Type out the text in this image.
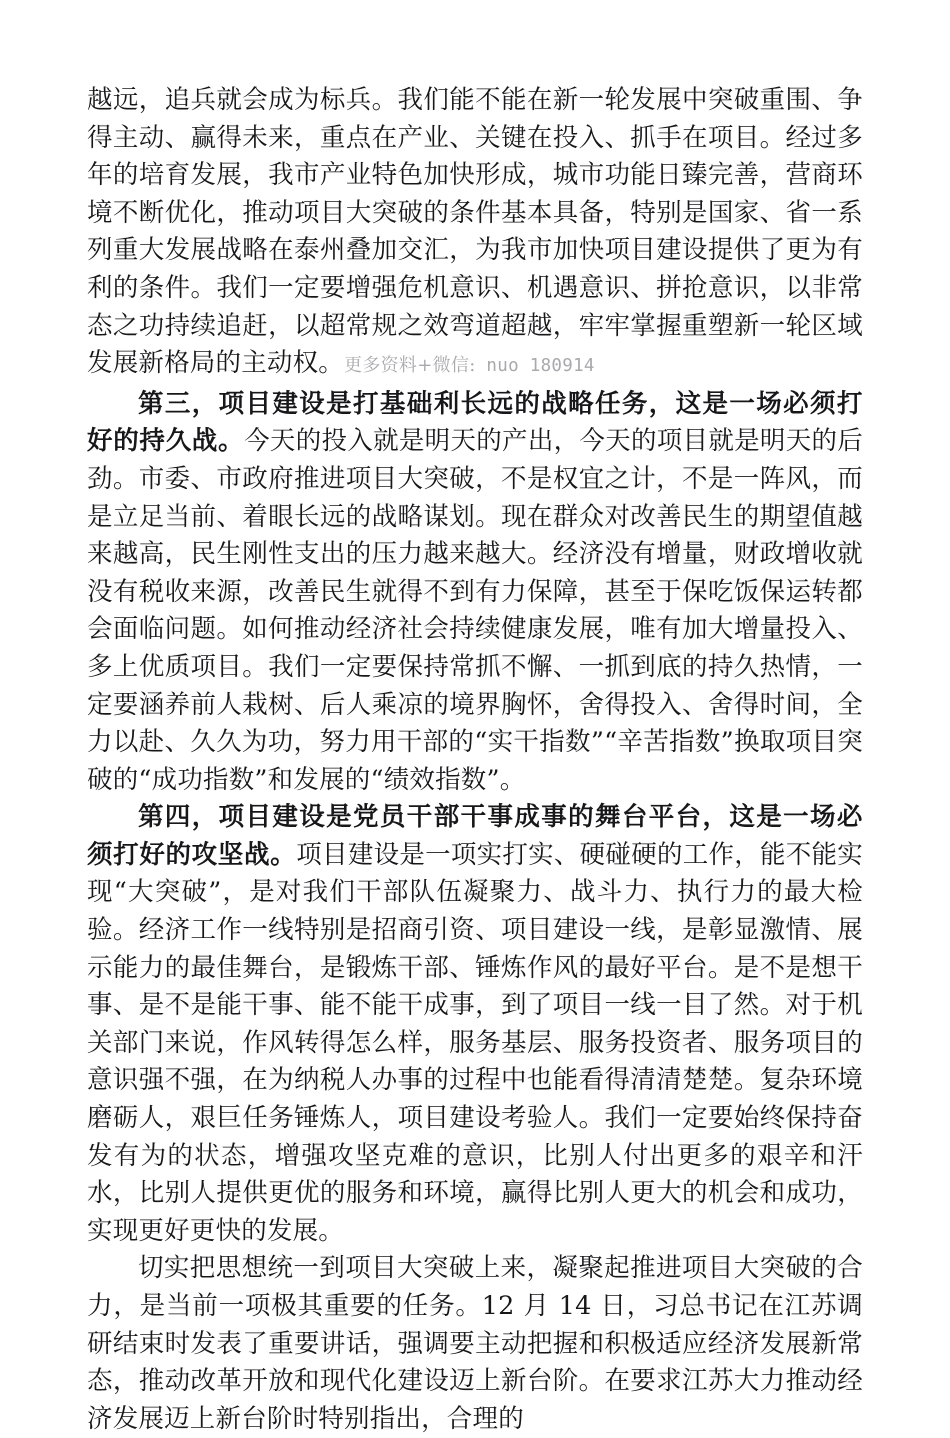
越远，追兵就会成为标兵。我们能不能在新一轮发展中突破重围、争得主动、赢得未来，重点在产业、关键在投入、抓手在项目。经过多年的培育发展，我市产业特色加快形成，城市功能日臻完善，营商环境不断优化，推动项目大突破的条件基本具备，特别是国家、省一系列重大发展战略在泰州叠加交汇，为我市加快项目建设提供了更为有利的条件。我们一定要增强危机意识、机遇意识、拼抢意识，以非常态之功持续追赶，以超常规之效弯道超越，牢牢掌握重塑新一轮区域发展新格局的主动权。更多资料+微信: nuo 180914

第三，项目建设是打基础利长远的战略任务，这是一场必须打好的持久战。今天的投入就是明天的产出，今天的项目就是明天的后劲。市委、市政府推进项目大突破，不是权宜之计，不是一阵风，而是立足当前、着眼长远的战略谋划。现在群众对改善民生的期望值越来越高，民生刚性支出的压力越来越大。经济没有增量，财政增收就没有税收来源，改善民生就得不到有力保障，甚至于保吃饭保运转都会面临问题。如何推动经济社会持续健康发展，唯有加大增量投入、多上优质项目。我们一定要保持常抓不懈、一抓到底的持久热情，一定要涵养前人栽树、后人乘凉的境界胸怀，舍得投入、舍得时间，全力以赴、久久为功，努力用干部的“实干指数”“辛苦指数”换取项目突破的“成功指数”和发展的“绩效指数”。

第四，项目建设是党员干部干事成事的舞台平台，这是一场必须打好的攻坚战。项目建设是一项实打实、硬碰硬的工作，能不能实现“大突破”，是对我们干部队伍凝聚力、战斗力、执行力的最大检验。经济工作一线特别是招商引资、项目建设一线，是彰显激情、展示能力的最佳舞台，是锻炼干部、锤炼作风的最好平台。是不是想干事、是不是能干事、能不能干成事，到了项目一线一目了然。对于机关部门来说，作风转得怎么样，服务基层、服务投资者、服务项目的意识强不强，在为纳税人办事的过程中也能看得清清楚楚。复杂环境磨砺人，艰巨任务锤炼人，项目建设考验人。我们一定要始终保持奋发有为的状态，增强攻坚克难的意识，比别人付出更多的艰辛和汗水，比别人提供更优的服务和环境，赢得比别人更大的机会和成功，实现更好更快的发展。

切实把思想统一到项目大突破上来，凝聚起推进项目大突破的合力，是当前一项极其重要的任务。12 月 14 日，习总书记在江苏调研结束时发表了重要讲话，强调要主动把握和积极适应经济发展新常态，推动改革开放和现代化建设迈上新台阶。在要求江苏大力推动经济发展迈上新台阶时特别指出，合理的
